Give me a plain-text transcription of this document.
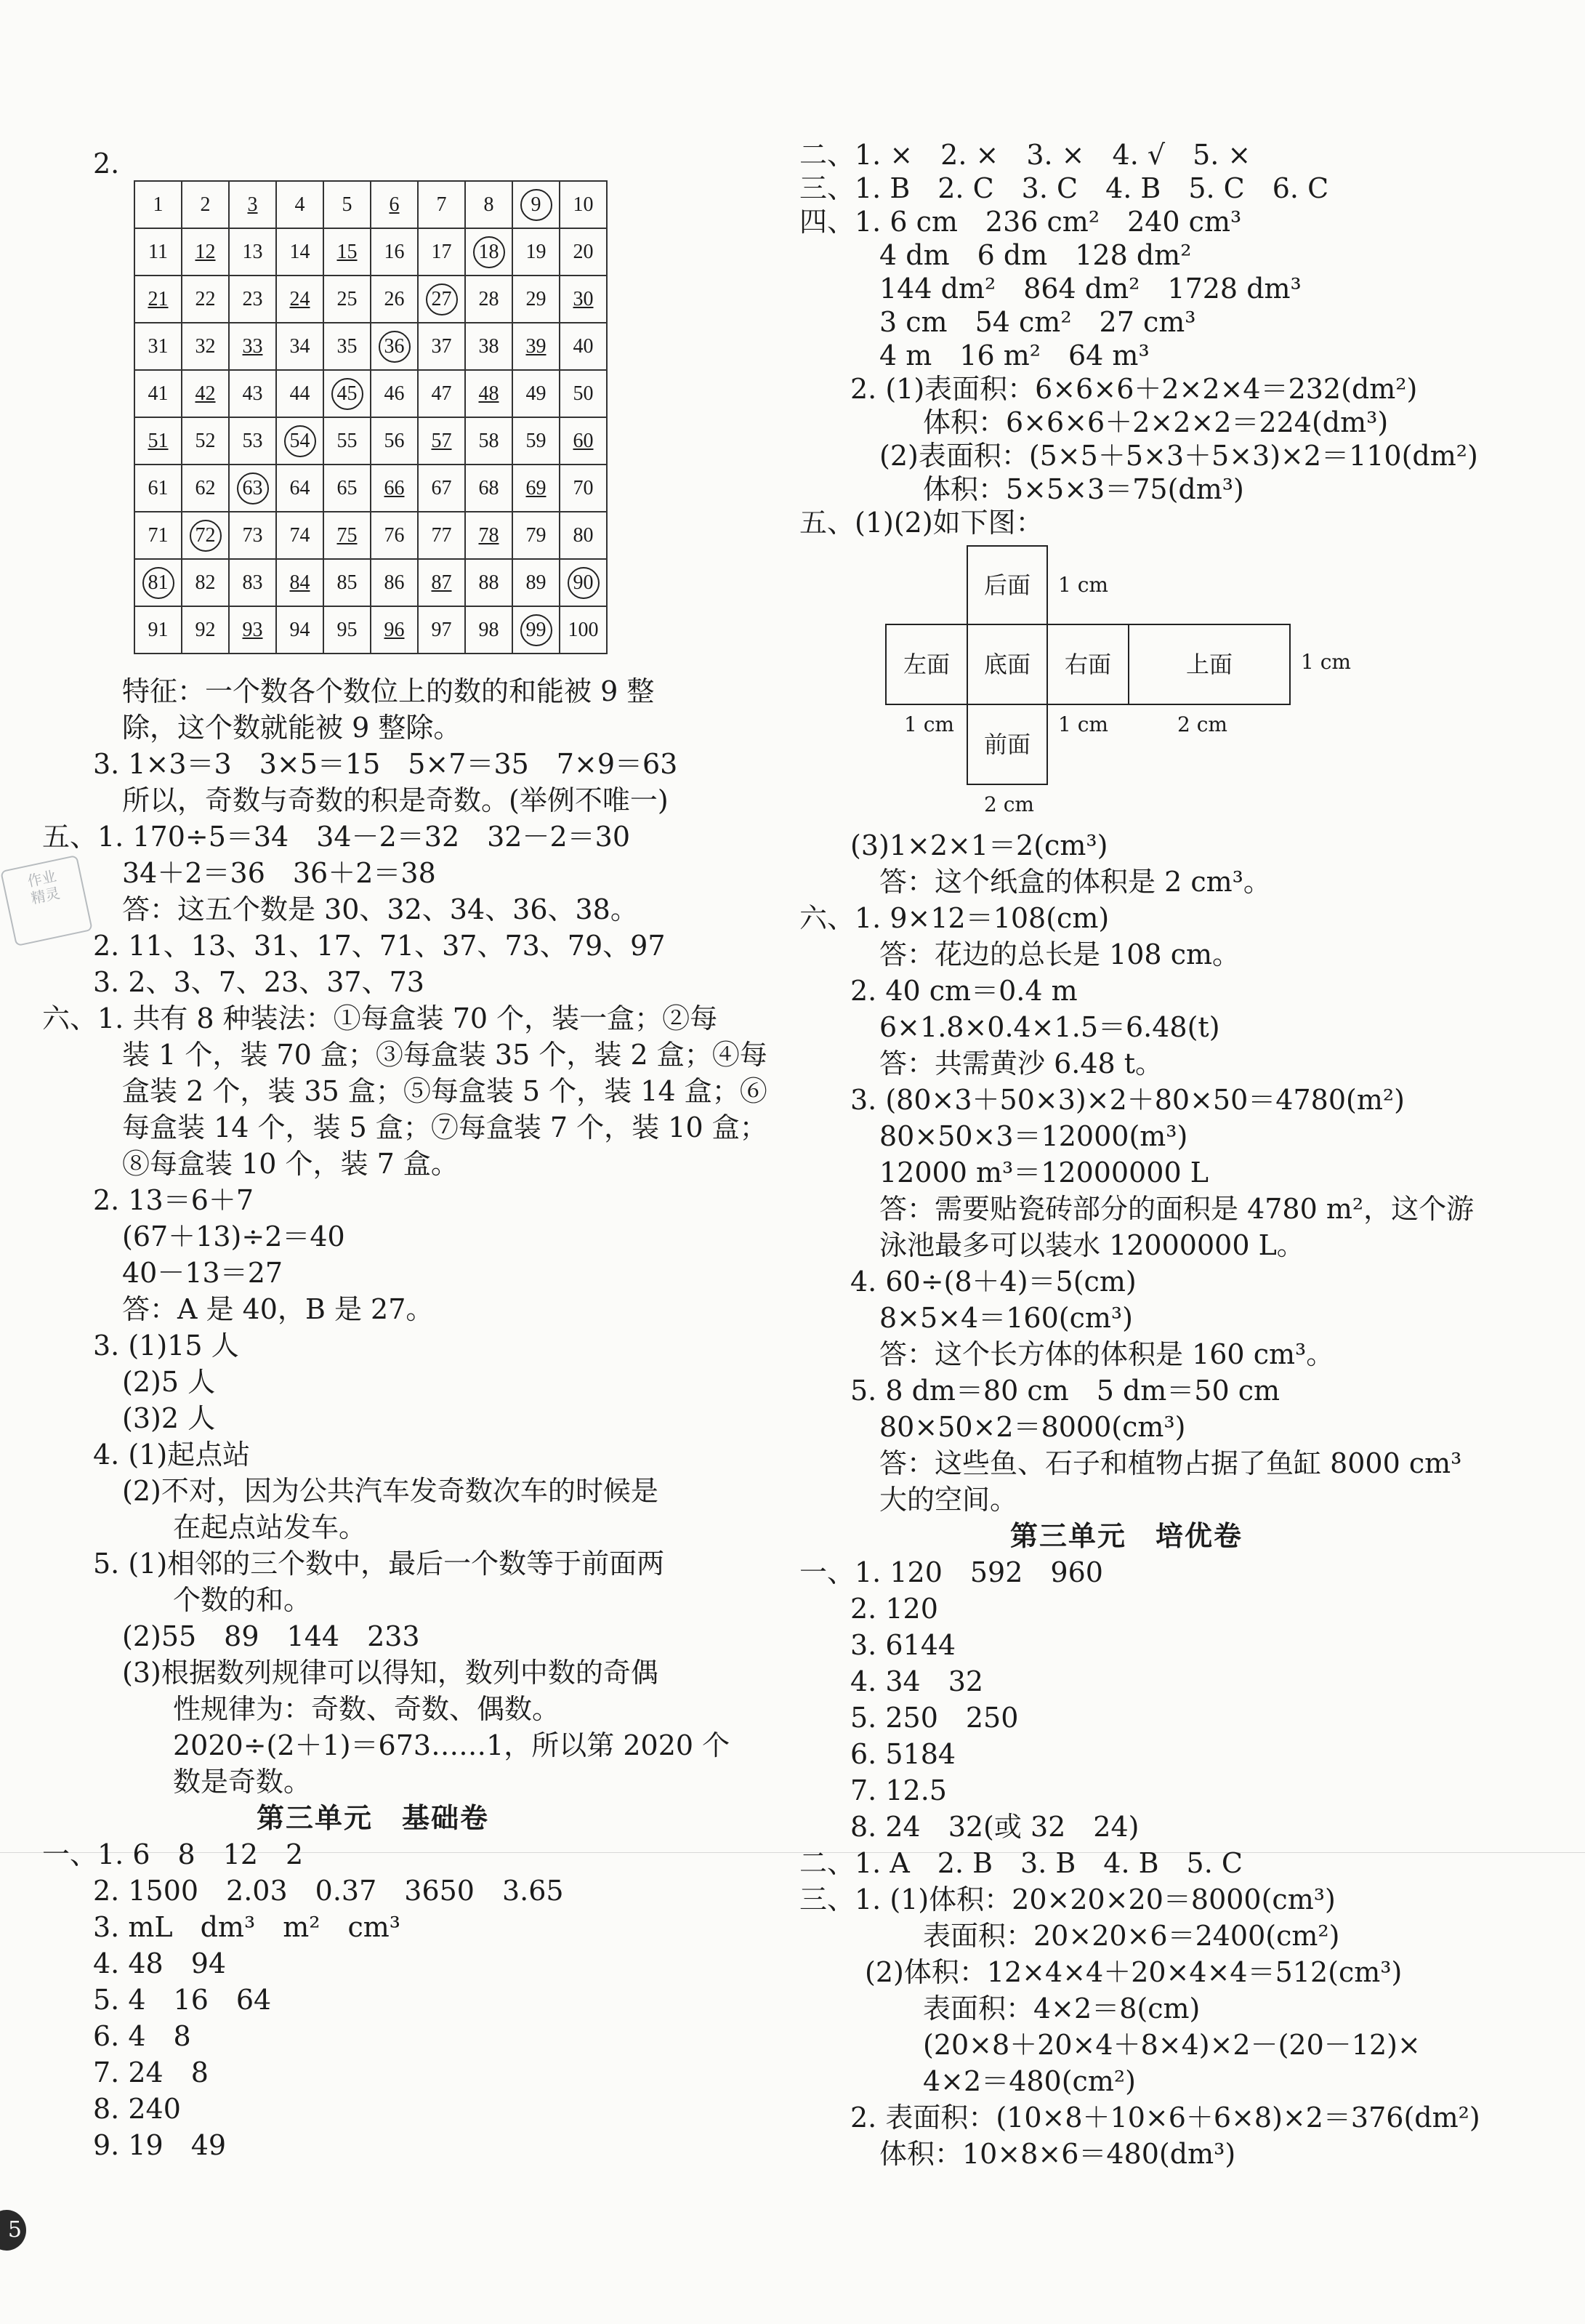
作业
精灵
2.
1	2	3	4	5	6	7	8	9	10
11	12	13	14	15	16	17	18	19	20
21	22	23	24	25	26	27	28	29	30
31	32	33	34	35	36	37	38	39	40
41	42	43	44	45	46	47	48	49	50
51	52	53	54	55	56	57	58	59	60
61	62	63	64	65	66	67	68	69	70
71	72	73	74	75	76	77	78	79	80
81	82	83	84	85	86	87	88	89	90
91	92	93	94	95	96	97	98	99	100
特征：一个数各个数位上的数的和能被 9 整
除，这个数就能被 9 整除。
3. 1×3＝3　3×5＝15　5×7＝35　7×9＝63
所以，奇数与奇数的积是奇数。(举例不唯一)
五、1. 170÷5＝34　34－2＝32　32－2＝30
34＋2＝36　36＋2＝38
答：这五个数是 30、32、34、36、38。
2. 11、13、31、17、71、37、73、79、97
3. 2、3、7、23、37、73
六、1. 共有 8 种装法：①每盒装 70 个，装一盒；②每
装 1 个，装 70 盒；③每盒装 35 个，装 2 盒；④每
盒装 2 个，装 35 盒；⑤每盒装 5 个，装 14 盒；⑥
每盒装 14 个，装 5 盒；⑦每盒装 7 个，装 10 盒；
⑧每盒装 10 个，装 7 盒。
2. 13＝6＋7
(67＋13)÷2＝40
40－13＝27
答：A 是 40，B 是 27。
3. (1)15 人
(2)5 人
(3)2 人
4. (1)起点站
(2)不对，因为公共汽车发奇数次车的时候是
在起点站发车。
5. (1)相邻的三个数中，最后一个数等于前面两
个数的和。
(2)55　89　144　233
(3)根据数列规律可以得知，数列中数的奇偶
性规律为：奇数、奇数、偶数。
2020÷(2＋1)＝673……1，所以第 2020 个
数是奇数。
第三单元　基础卷
一、1. 6　8　12　2
2. 1500　2.03　0.37　3650　3.65
3. mL　dm³　m²　cm³
4. 48　94
5. 4　16　64
6. 4　8
7. 24　8
8. 240
9. 19　49
二、1. ×　2. ×　3. ×　4. √　5. ×
三、1. B　2. C　3. C　4. B　5. C　6. C
四、1. 6 cm　236 cm²　240 cm³
4 dm　6 dm　128 dm²
144 dm²　864 dm²　1728 dm³
3 cm　54 cm²　27 cm³
4 m　16 m²　64 m³
2. (1)表面积：6×6×6＋2×2×4＝232(dm²)
体积：6×6×6＋2×2×2＝224(dm³)
(2)表面积：(5×5＋5×3＋5×3)×2＝110(dm²)
体积：5×5×3＝75(dm³)
五、(1)(2)如下图：
后面
左面	底面	右面	上面
前面
1 cm
1 cm
1 cm	1 cm	2 cm
2 cm
(3)1×2×1＝2(cm³)
答：这个纸盒的体积是 2 cm³。
六、1. 9×12＝108(cm)
答：花边的总长是 108 cm。
2. 40 cm＝0.4 m
6×1.8×0.4×1.5＝6.48(t)
答：共需黄沙 6.48 t。
3. (80×3＋50×3)×2＋80×50＝4780(m²)
80×50×3＝12000(m³)
12000 m³＝12000000 L
答：需要贴瓷砖部分的面积是 4780 m²，这个游
泳池最多可以装水 12000000 L。
4. 60÷(8＋4)＝5(cm)
8×5×4＝160(cm³)
答：这个长方体的体积是 160 cm³。
5. 8 dm＝80 cm　5 dm＝50 cm
80×50×2＝8000(cm³)
答：这些鱼、石子和植物占据了鱼缸 8000 cm³
大的空间。
第三单元　培优卷
一、1. 120　592　960
2. 120
3. 6144
4. 34　32
5. 250　250
6. 5184
7. 12.5
8. 24　32(或 32　24)
二、1. A　2. B　3. B　4. B　5. C
三、1. (1)体积：20×20×20＝8000(cm³)
表面积：20×20×6＝2400(cm²)
(2)体积：12×4×4＋20×4×4＝512(cm³)
表面积：4×2＝8(cm)
(20×8＋20×4＋8×4)×2－(20－12)×
4×2＝480(cm²)
2. 表面积：(10×8＋10×6＋6×8)×2＝376(dm²)
体积：10×8×6＝480(dm³)
5
